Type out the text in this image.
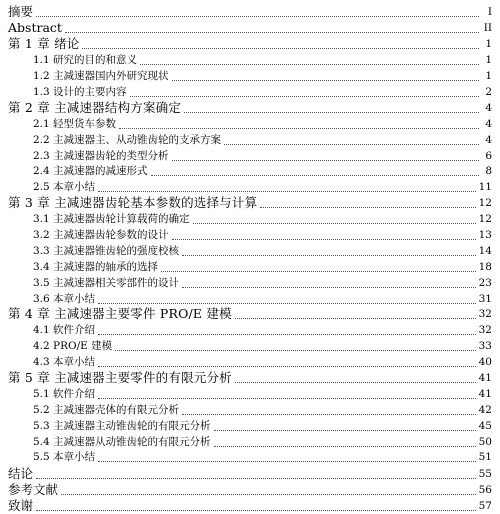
摘要	I
Abstract	II
第 1 章 绪论	1
1.1 研究的目的和意义	1
1.2 主减速器国内外研究现状	1
1.3 设计的主要内容	2
第 2 章 主减速器结构方案确定	4
2.1 轻型货车参数	4
2.2 主减速器主、从动锥齿轮的支承方案	4
2.3 主减速器齿轮的类型分析	6
2.4 主减速器的减速形式	8
2.5 本章小结	11
第 3 章 主减速器齿轮基本参数的选择与计算	12
3.1 主减速器齿轮计算载荷的确定	12
3.2 主减速器齿轮参数的设计	13
3.3 主减速器锥齿轮的强度校核	14
3.4 主减速器的轴承的选择	18
3.5 主减速器相关零部件的设计	23
3.6 本章小结	31
第 4 章 主减速器主要零件 PRO/E 建模	32
4.1 软件介绍	32
4.2 PRO/E 建模	33
4.3 本章小结	40
第 5 章 主减速器主要零件的有限元分析	41
5.1 软件介绍	41
5.2 主减速器壳体的有限元分析	42
5.3 主减速器主动锥齿轮的有限元分析	45
5.4 主减速器从动锥齿轮的有限元分析	50
5.5 本章小结	51
结论	55
参考文献	56
致谢	57
